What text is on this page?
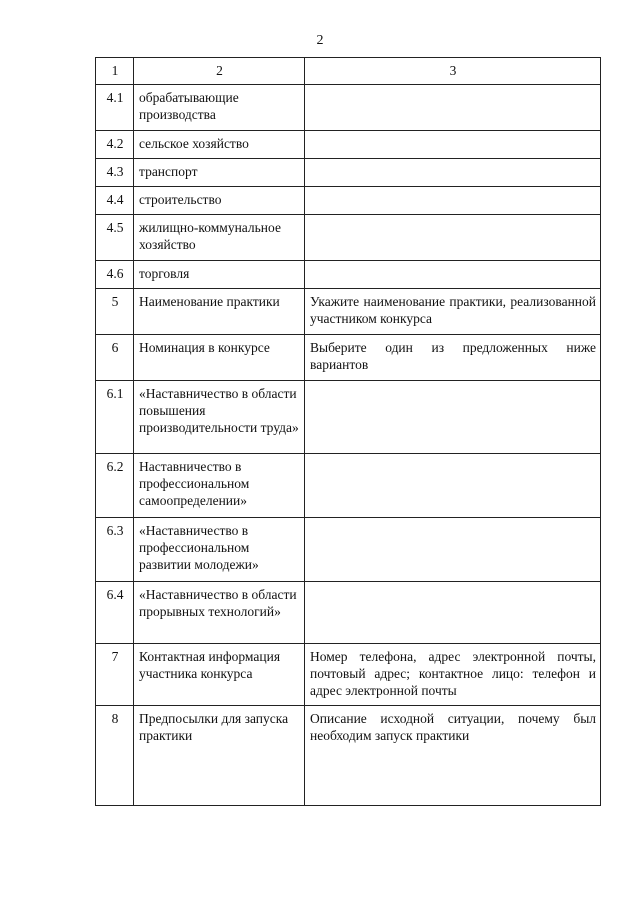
2
1	2	3
4.1	обрабатывающие производства	
4.2	сельское хозяйство	
4.3	транспорт	
4.4	строительство	
4.5	жилищно-коммунальное хозяйство	
4.6	торговля	
5	Наименование практики	Укажите наименование практики, реализованной участником конкурса
6	Номинация в конкурсе	Выберите один из предложенных ниже вариантов
6.1	«Наставничество в области повышения производительности труда»	
6.2	Наставничество в профессиональном самоопределении»	
6.3	«Наставничество в профессиональном развитии молодежи»	
6.4	«Наставничество в области прорывных технологий»	
7	Контактная информация участника конкурса	Номер телефона, адрес электронной почты, почтовый адрес; контактное лицо: телефон и адрес электронной почты
8	Предпосылки для запуска практики	Описание исходной ситуации, почему был необходим запуск практики
